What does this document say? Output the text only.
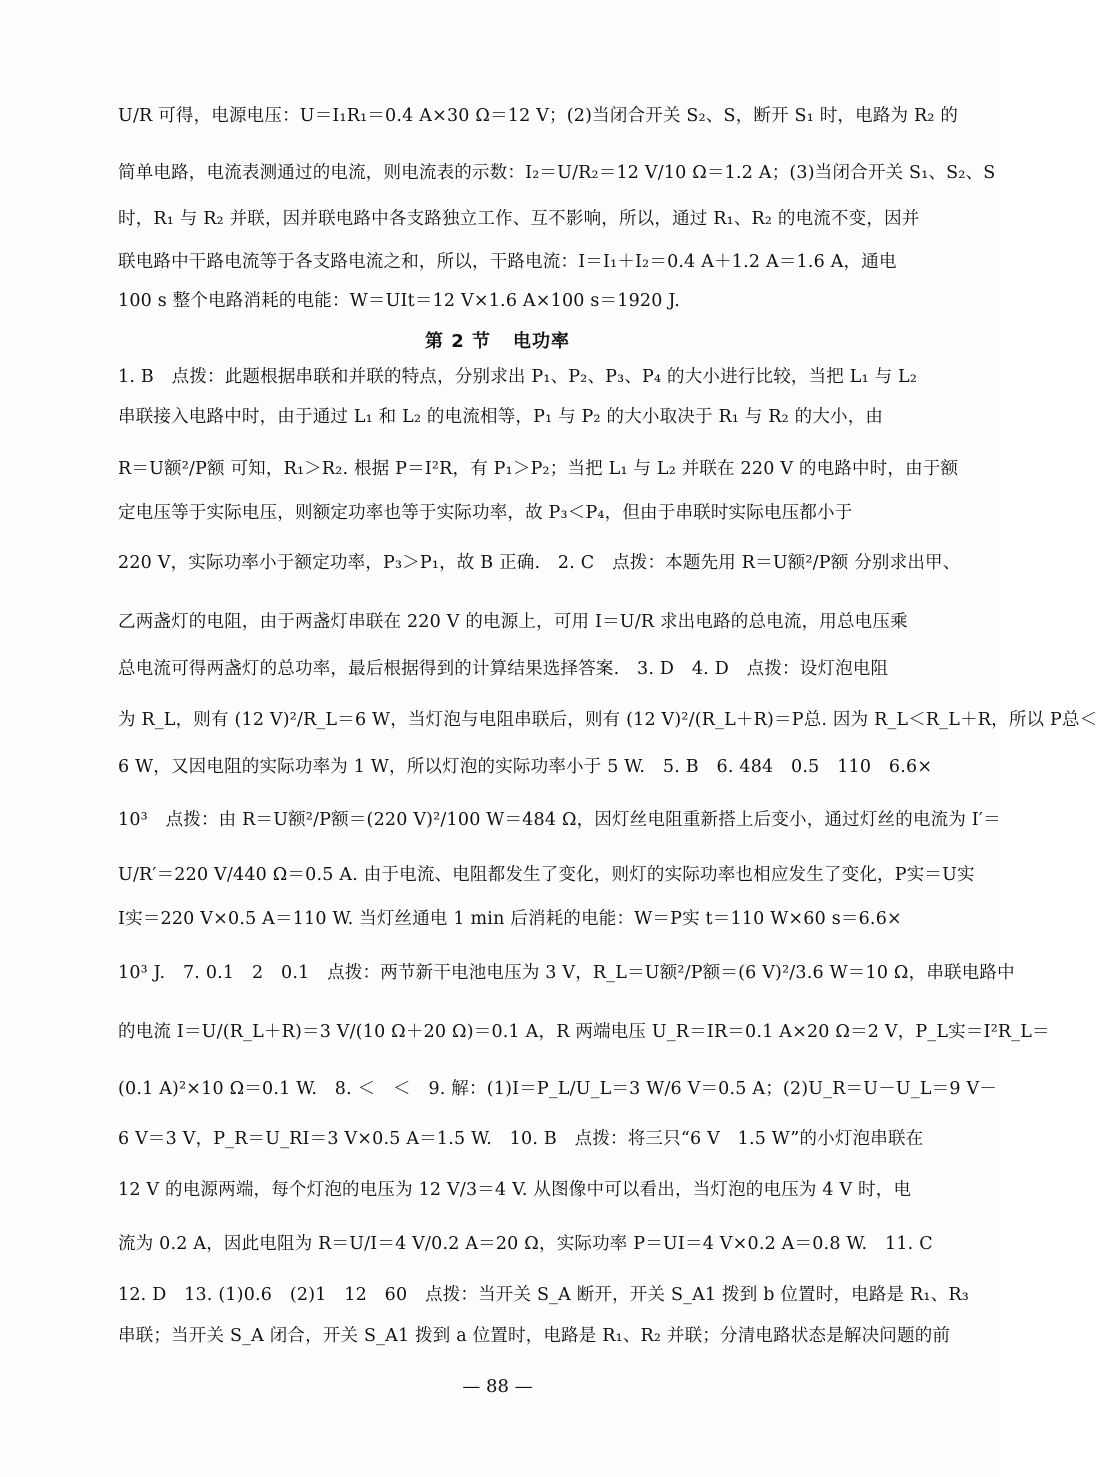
U/R 可得，电源电压：U＝I₁R₁＝0.4 A×30 Ω＝12 V；(2)当闭合开关 S₂、S，断开 S₁ 时，电路为 R₂ 的
简单电路，电流表测通过的电流，则电流表的示数：I₂＝U/R₂＝12 V/10 Ω＝1.2 A；(3)当闭合开关 S₁、S₂、S
时，R₁ 与 R₂ 并联，因并联电路中各支路独立工作、互不影响，所以，通过 R₁、R₂ 的电流不变，因并
联电路中干路电流等于各支路电流之和，所以，干路电流：I＝I₁＋I₂＝0.4 A＋1.2 A＝1.6 A，通电
100 s 整个电路消耗的电能：W＝UIt＝12 V×1.6 A×100 s＝1920 J.
第 2 节 电功率
1. B　点拨：此题根据串联和并联的特点，分别求出 P₁、P₂、P₃、P₄ 的大小进行比较，当把 L₁ 与 L₂
串联接入电路中时，由于通过 L₁ 和 L₂ 的电流相等，P₁ 与 P₂ 的大小取决于 R₁ 与 R₂ 的大小，由
R＝U额²/P额 可知，R₁＞R₂. 根据 P＝I²R，有 P₁＞P₂；当把 L₁ 与 L₂ 并联在 220 V 的电路中时，由于额
定电压等于实际电压，则额定功率也等于实际功率，故 P₃＜P₄，但由于串联时实际电压都小于
220 V，实际功率小于额定功率，P₃＞P₁，故 B 正确.　2. C　点拨：本题先用 R＝U额²/P额 分别求出甲、
乙两盏灯的电阻，由于两盏灯串联在 220 V 的电源上，可用 I＝U/R 求出电路的总电流，用总电压乘
总电流可得两盏灯的总功率，最后根据得到的计算结果选择答案.　3. D　4. D　点拨：设灯泡电阻
为 R_L，则有 (12 V)²/R_L＝6 W，当灯泡与电阻串联后，则有 (12 V)²/(R_L＋R)＝P总. 因为 R_L＜R_L＋R，所以 P总＜
6 W，又因电阻的实际功率为 1 W，所以灯泡的实际功率小于 5 W.　5. B　6. 484　0.5　110　6.6×
10³　点拨：由 R＝U额²/P额＝(220 V)²/100 W＝484 Ω，因灯丝电阻重新搭上后变小，通过灯丝的电流为 I′＝
U/R′＝220 V/440 Ω＝0.5 A. 由于电流、电阻都发生了变化，则灯的实际功率也相应发生了变化，P实＝U实
I实＝220 V×0.5 A＝110 W. 当灯丝通电 1 min 后消耗的电能：W＝P实 t＝110 W×60 s＝6.6×
10³ J.　7. 0.1　2　0.1　点拨：两节新干电池电压为 3 V，R_L＝U额²/P额＝(6 V)²/3.6 W＝10 Ω，串联电路中
的电流 I＝U/(R_L＋R)＝3 V/(10 Ω＋20 Ω)＝0.1 A，R 两端电压 U_R＝IR＝0.1 A×20 Ω＝2 V，P_L实＝I²R_L＝
(0.1 A)²×10 Ω＝0.1 W.　8. ＜　＜　9. 解：(1)I＝P_L/U_L＝3 W/6 V＝0.5 A；(2)U_R＝U－U_L＝9 V－
6 V＝3 V，P_R＝U_RI＝3 V×0.5 A＝1.5 W.　10. B　点拨：将三只“6 V　1.5 W”的小灯泡串联在
12 V 的电源两端，每个灯泡的电压为 12 V/3＝4 V. 从图像中可以看出，当灯泡的电压为 4 V 时，电
流为 0.2 A，因此电阻为 R＝U/I＝4 V/0.2 A＝20 Ω，实际功率 P＝UI＝4 V×0.2 A＝0.8 W.　11. C
12. D　13. (1)0.6　(2)1　12　60　点拨：当开关 S_A 断开，开关 S_A1 拨到 b 位置时，电路是 R₁、R₃
串联；当开关 S_A 闭合，开关 S_A1 拨到 a 位置时，电路是 R₁、R₂ 并联；分清电路状态是解决问题的前
— 88 —
